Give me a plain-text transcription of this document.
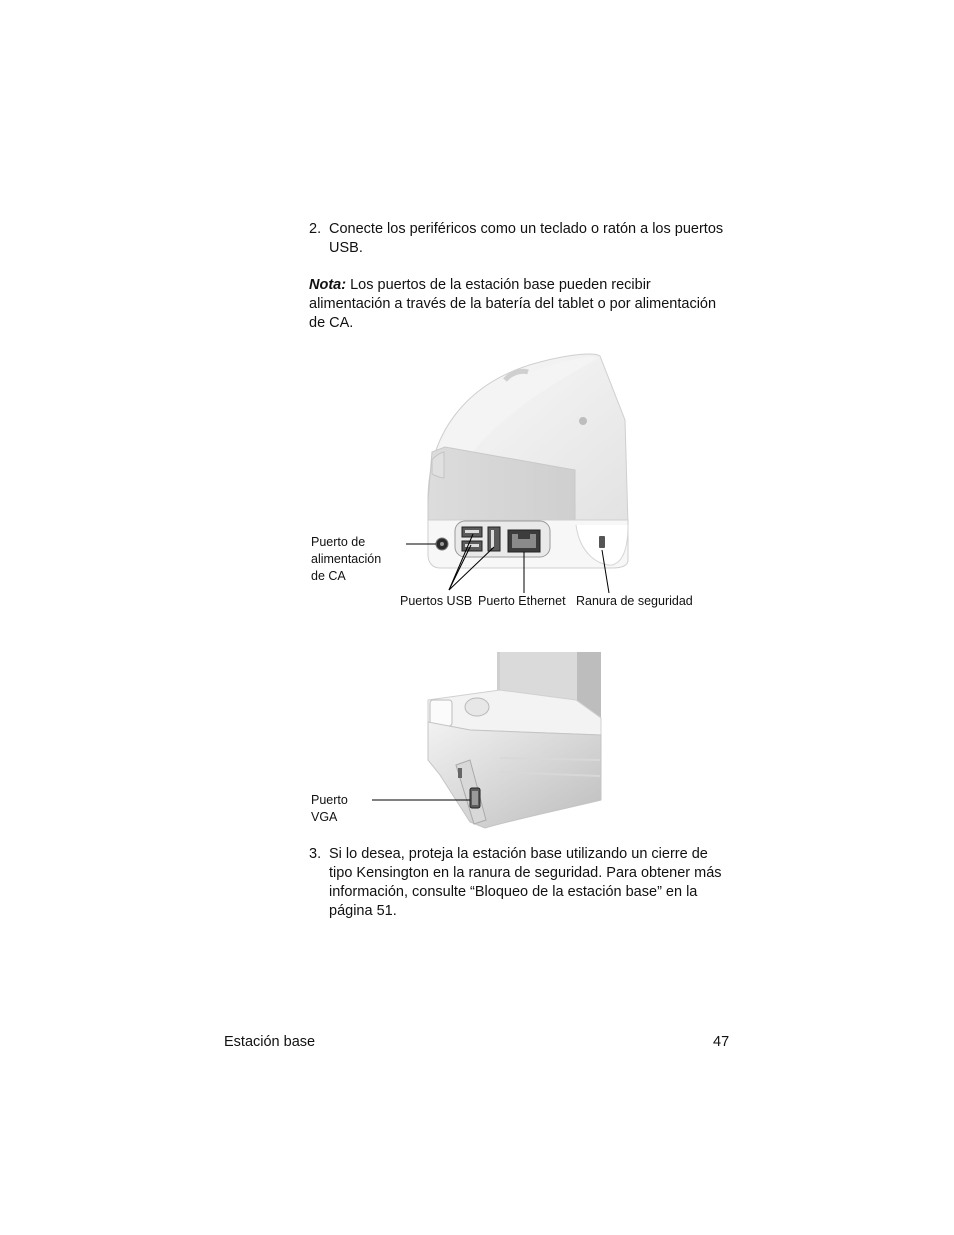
2. Conecte los periféricos como un teclado o ratón a los puertos
USB.
Nota: Los puertos de la estación base pueden recibir
alimentación a través de la batería del tablet o por alimentación
de CA.
Puerto de
alimentación
de CA
Puertos USB Puerto Ethernet Ranura de seguridad
Puerto
VGA
3. Si lo desea, proteja la estación base utilizando un cierre de
tipo Kensington en la ranura de seguridad. Para obtener más
información, consulte “Bloqueo de la estación base” en la
página 51.
Estación base	47
